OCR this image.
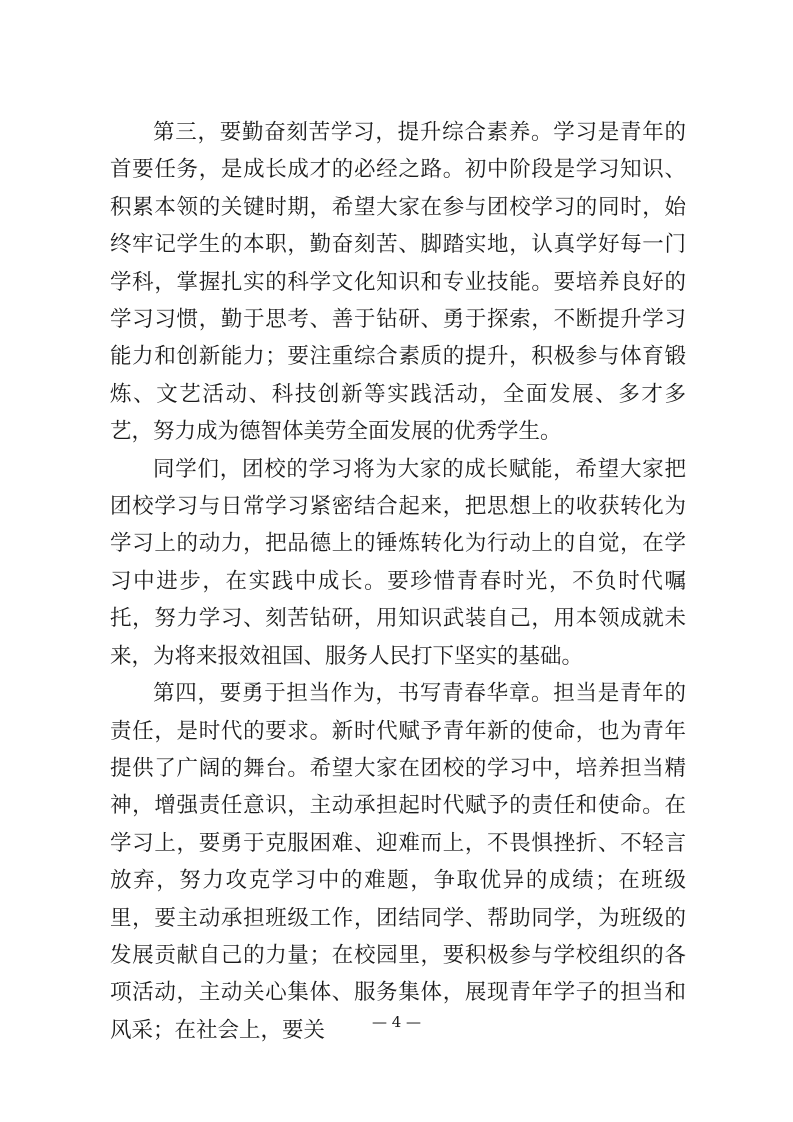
第三，要勤奋刻苦学习，提升综合素养。学习是青年的首要任务，是成长成才的必经之路。初中阶段是学习知识、积累本领的关键时期，希望大家在参与团校学习的同时，始终牢记学生的本职，勤奋刻苦、脚踏实地，认真学好每一门学科，掌握扎实的科学文化知识和专业技能。要培养良好的学习习惯，勤于思考、善于钻研、勇于探索，不断提升学习能力和创新能力；要注重综合素质的提升，积极参与体育锻炼、文艺活动、科技创新等实践活动，全面发展、多才多艺，努力成为德智体美劳全面发展的优秀学生。

同学们，团校的学习将为大家的成长赋能，希望大家把团校学习与日常学习紧密结合起来，把思想上的收获转化为学习上的动力，把品德上的锤炼转化为行动上的自觉，在学习中进步，在实践中成长。要珍惜青春时光，不负时代嘱托，努力学习、刻苦钻研，用知识武装自己，用本领成就未来，为将来报效祖国、服务人民打下坚实的基础。

第四，要勇于担当作为，书写青春华章。担当是青年的责任，是时代的要求。新时代赋予青年新的使命，也为青年提供了广阔的舞台。希望大家在团校的学习中，培养担当精神，增强责任意识，主动承担起时代赋予的责任和使命。在学习上，要勇于克服困难、迎难而上，不畏惧挫折、不轻言放弃，努力攻克学习中的难题，争取优异的成绩；在班级里，要主动承担班级工作，团结同学、帮助同学，为班级的发展贡献自己的力量；在校园里，要积极参与学校组织的各项活动，主动关心集体、服务集体，展现青年学子的担当和风采；在社会上，要关	— 4 —
